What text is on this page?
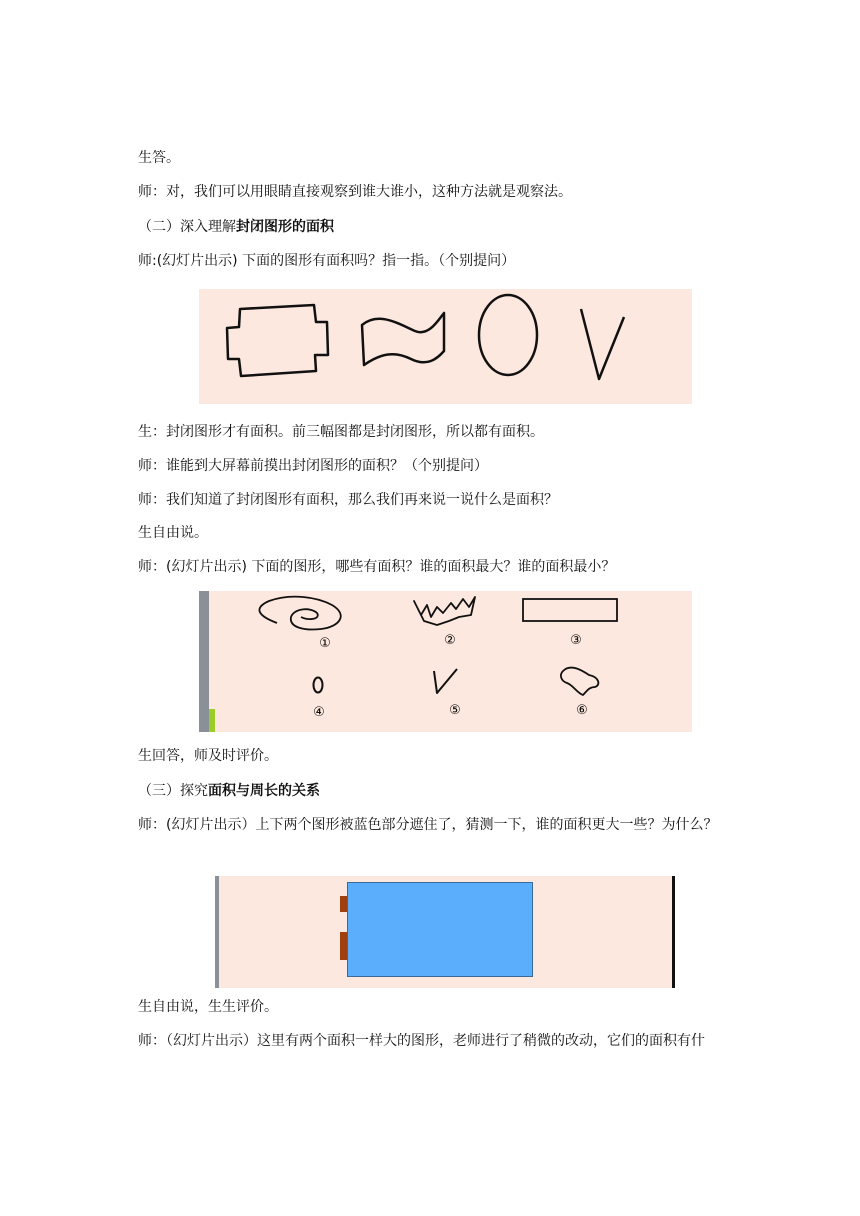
生答。
师：对，我们可以用眼睛直接观察到谁大谁小，这种方法就是观察法。
（二）深入理解封闭图形的面积
师:(幻灯片出示) 下面的图形有面积吗？指一指。（个别提问）
生：封闭图形才有面积。前三幅图都是封闭图形，所以都有面积。
师：谁能到大屏幕前摸出封闭图形的面积？（个别提问）
师：我们知道了封闭图形有面积，那么我们再来说一说什么是面积？
生自由说。
师：(幻灯片出示) 下面的图形，哪些有面积？谁的面积最大？谁的面积最小？
①	②	③
④	⑤	⑥
生回答，师及时评价。
（三）探究面积与周长的关系
师：(幻灯片出示）上下两个图形被蓝色部分遮住了，猜测一下，谁的面积更大一些？为什么？
生自由说，生生评价。
师：（幻灯片出示）这里有两个面积一样大的图形，老师进行了稍微的改动，它们的面积有什
